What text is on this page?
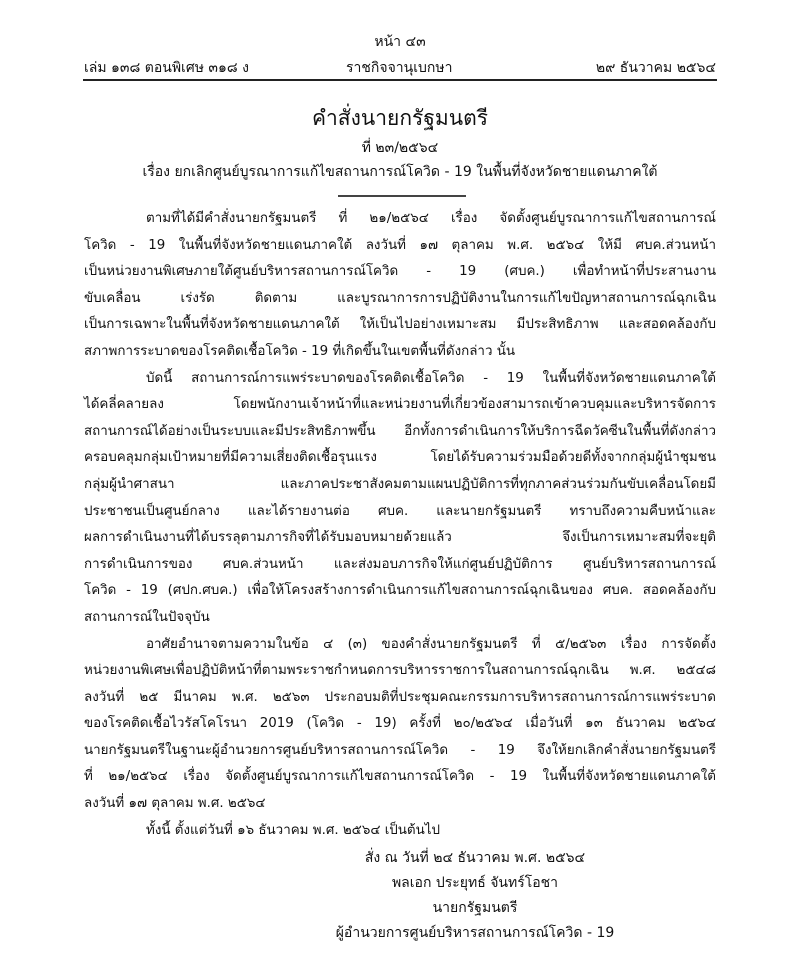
หน้า ๔๓
เล่ม ๑๓๘ ตอนพิเศษ ๓๑๘ ง	ราชกิจจานุเบกษา	๒๙ ธันวาคม ๒๕๖๔
คำสั่งนายกรัฐมนตรี
ที่ ๒๓/๒๕๖๔
เรื่อง ยกเลิกศูนย์บูรณาการแก้ไขสถานการณ์โควิด - 19 ในพื้นที่จังหวัดชายแดนภาคใต้
ตามที่ได้มีคำสั่งนายกรัฐมนตรี ที่ ๒๑/๒๕๖๔ เรื่อง จัดตั้งศูนย์บูรณาการแก้ไขสถานการณ์
โควิด - 19 ในพื้นที่จังหวัดชายแดนภาคใต้ ลงวันที่ ๑๗ ตุลาคม พ.ศ. ๒๕๖๔ ให้มี ศบค.ส่วนหน้า
เป็นหน่วยงานพิเศษภายใต้ศูนย์บริหารสถานการณ์โควิด - 19 (ศบค.) เพื่อทำหน้าที่ประสานงาน
ขับเคลื่อน เร่งรัด ติดตาม และบูรณาการการปฏิบัติงานในการแก้ไขปัญหาสถานการณ์ฉุกเฉิน
เป็นการเฉพาะในพื้นที่จังหวัดชายแดนภาคใต้ ให้เป็นไปอย่างเหมาะสม มีประสิทธิภาพ และสอดคล้องกับ
สภาพการระบาดของโรคติดเชื้อโควิด - 19 ที่เกิดขึ้นในเขตพื้นที่ดังกล่าว นั้น
บัดนี้ สถานการณ์การแพร่ระบาดของโรคติดเชื้อโควิด - 19 ในพื้นที่จังหวัดชายแดนภาคใต้
ได้คลี่คลายลง โดยพนักงานเจ้าหน้าที่และหน่วยงานที่เกี่ยวข้องสามารถเข้าควบคุมและบริหารจัดการ
สถานการณ์ได้อย่างเป็นระบบและมีประสิทธิภาพขึ้น อีกทั้งการดำเนินการให้บริการฉีดวัคซีนในพื้นที่ดังกล่าว
ครอบคลุมกลุ่มเป้าหมายที่มีความเสี่ยงติดเชื้อรุนแรง โดยได้รับความร่วมมือด้วยดีทั้งจากกลุ่มผู้นำชุมชน
กลุ่มผู้นำศาสนา และภาคประชาสังคมตามแผนปฏิบัติการที่ทุกภาคส่วนร่วมกันขับเคลื่อนโดยมี
ประชาชนเป็นศูนย์กลาง และได้รายงานต่อ ศบค. และนายกรัฐมนตรี ทราบถึงความคืบหน้าและ
ผลการดำเนินงานที่ได้บรรลุตามภารกิจที่ได้รับมอบหมายด้วยแล้ว จึงเป็นการเหมาะสมที่จะยุติ
การดำเนินการของ ศบค.ส่วนหน้า และส่งมอบภารกิจให้แก่ศูนย์ปฏิบัติการ ศูนย์บริหารสถานการณ์
โควิด - 19 (ศปก.ศบค.) เพื่อให้โครงสร้างการดำเนินการแก้ไขสถานการณ์ฉุกเฉินของ ศบค. สอดคล้องกับ
สถานการณ์ในปัจจุบัน
อาศัยอำนาจตามความในข้อ ๔ (๓) ของคำสั่งนายกรัฐมนตรี ที่ ๕/๒๕๖๓ เรื่อง การจัดตั้ง
หน่วยงานพิเศษเพื่อปฏิบัติหน้าที่ตามพระราชกำหนดการบริหารราชการในสถานการณ์ฉุกเฉิน พ.ศ. ๒๕๔๘
ลงวันที่ ๒๕ มีนาคม พ.ศ. ๒๕๖๓ ประกอบมติที่ประชุมคณะกรรมการบริหารสถานการณ์การแพร่ระบาด
ของโรคติดเชื้อไวรัสโคโรนา 2019 (โควิด - 19) ครั้งที่ ๒๐/๒๕๖๔ เมื่อวันที่ ๑๓ ธันวาคม ๒๕๖๔
นายกรัฐมนตรีในฐานะผู้อำนวยการศูนย์บริหารสถานการณ์โควิด - 19 จึงให้ยกเลิกคำสั่งนายกรัฐมนตรี
ที่ ๒๑/๒๕๖๔ เรื่อง จัดตั้งศูนย์บูรณาการแก้ไขสถานการณ์โควิด - 19 ในพื้นที่จังหวัดชายแดนภาคใต้
ลงวันที่ ๑๗ ตุลาคม พ.ศ. ๒๕๖๔
ทั้งนี้ ตั้งแต่วันที่ ๑๖ ธันวาคม พ.ศ. ๒๕๖๔ เป็นต้นไป
สั่ง ณ วันที่ ๒๔ ธันวาคม พ.ศ. ๒๕๖๔
พลเอก ประยุทธ์ จันทร์โอชา
นายกรัฐมนตรี
ผู้อำนวยการศูนย์บริหารสถานการณ์โควิด - 19
